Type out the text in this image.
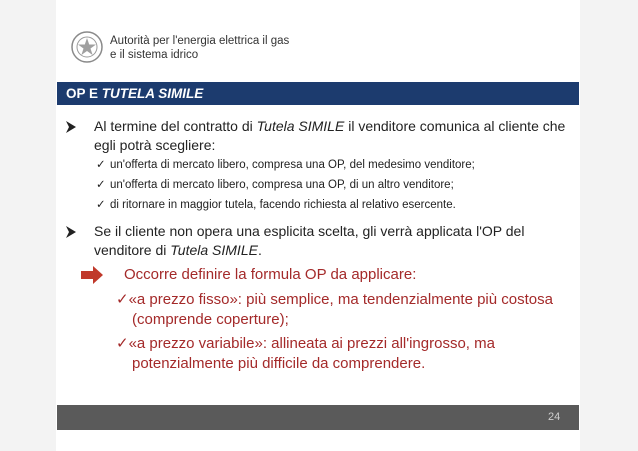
Autorità per l'energia elettrica il gas
e il sistema idrico
OP E TUTELA SIMILE
Al termine del contratto di Tutela SIMILE il venditore comunica al cliente che egli potrà scegliere:
✓ un'offerta di mercato libero, compresa una OP, del medesimo venditore;
✓ un'offerta di mercato libero, compresa una OP, di un altro venditore;
✓ di ritornare in maggior tutela, facendo richiesta al relativo esercente.
Se il cliente non opera una esplicita scelta, gli verrà applicata l'OP del venditore di Tutela SIMILE.
Occorre definire la formula OP da applicare:
✓«a prezzo fisso»: più semplice, ma tendenzialmente più costosa (comprende coperture);
✓«a prezzo variabile»: allineata ai prezzi all'ingrosso, ma potenzialmente più difficile da comprendere.
24
